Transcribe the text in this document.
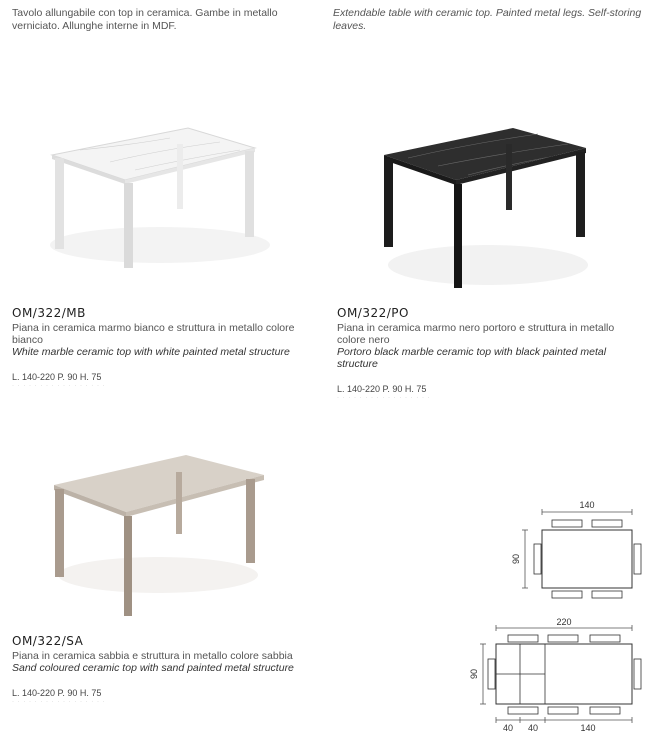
Tavolo allungabile con top in ceramica. Gambe in metallo verniciato. Allunghe interne in MDF.
Extendable table with ceramic top. Painted metal legs. Self-storing leaves.
OM/322/MB
Piana in ceramica marmo bianco e struttura in metallo colore bianco
White marble ceramic top with white painted metal structure
L. 140-220 P. 90 H. 75
· · · · · · · · · · · · · · · · ·
OM/322/PO
Piana in ceramica marmo nero portoro e struttura in metallo colore nero
Portoro black marble ceramic top with black painted metal structure
L. 140-220 P. 90 H. 75
· · · · · · · · · · · · · · · · ·
OM/322/SA
Piana in ceramica sabbia e struttura in metallo colore sabbia
Sand coloured ceramic top with sand painted metal structure
L. 140-220 P. 90 H. 75
· · · · · · · · · · · · · · · · ·
140
90
220
90
40 40	140
